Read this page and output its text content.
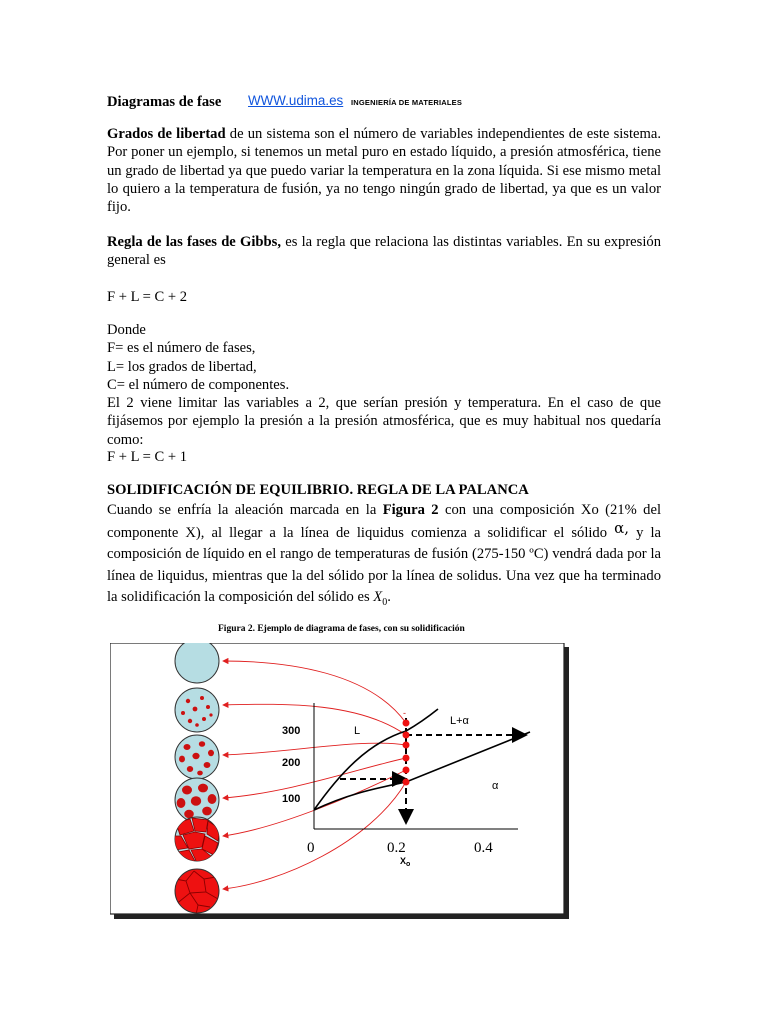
Diagramas de fase WWW.udima.es INGENIERÍA DE MATERIALES
Grados de libertad de un sistema son el número de variables independientes de este sistema. Por poner un ejemplo, si tenemos un metal puro en estado líquido, a presión atmosférica, tiene un grado de libertad ya que puedo variar la temperatura en la zona líquida. Si ese mismo metal lo quiero a la temperatura de fusión, ya no tengo ningún grado de libertad, ya que es un valor fijo.
Regla de las fases de Gibbs, es la regla que relaciona las distintas variables. En su expresión general es
F + L = C + 2
Donde
F= es el número de fases,
L= los grados de libertad,
C= el número de componentes.
El 2 viene limitar las variables a 2, que serían presión y temperatura. En el caso de que fijásemos por ejemplo la presión a la presión atmosférica, que es muy habitual nos quedaría como:
F + L = C + 1
SOLIDIFICACIÓN DE EQUILIBRIO. REGLA DE LA PALANCA
Cuando se enfría la aleación marcada en la Figura 2 con una composición Xo (21% del componente X), al llegar a la línea de liquidus comienza a solidificar el sólido α, y la composición de líquido en el rango de temperaturas de fusión (275-150 ºC) vendrá dada por la línea de liquidus, mientras que la del sólido por la línea de solidus. Una vez que ha terminado la solidificación la composición del sólido es $X_0$.
Figura 2. Ejemplo de diagrama de fases, con su solidificación
300
200
100
0	0.2	0.4
$X_o$
L
L+α
α
-
